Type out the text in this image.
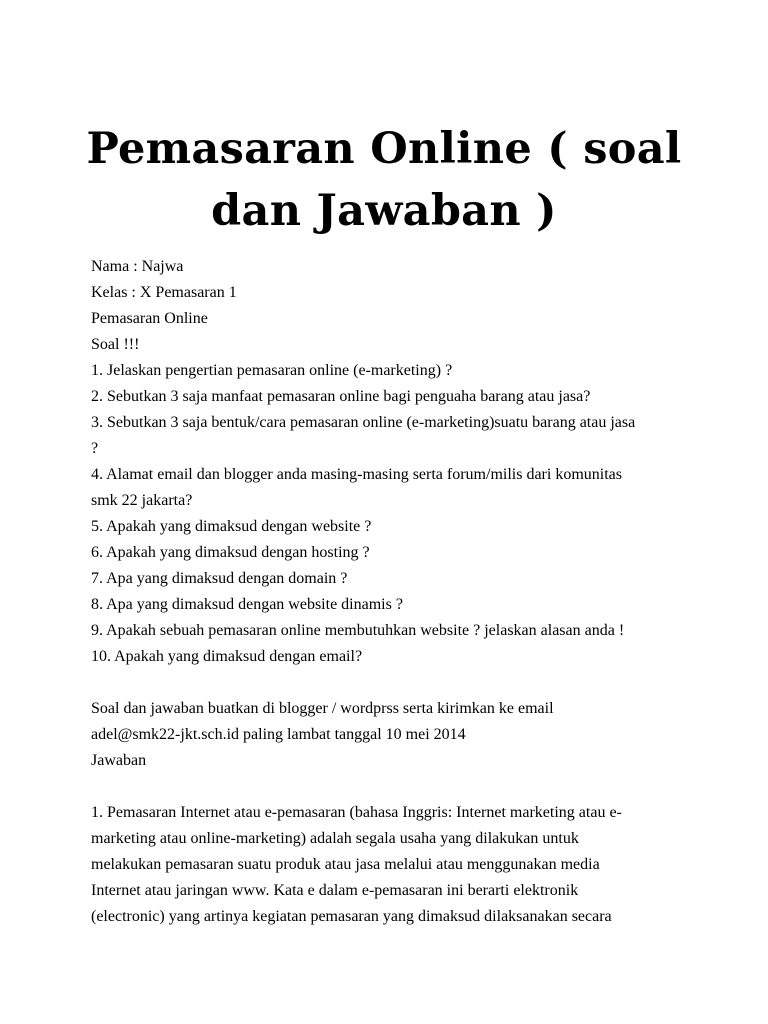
Pemasaran Online ( soal
dan Jawaban )
Nama : Najwa
Kelas : X Pemasaran 1
Pemasaran Online
Soal !!!
1. Jelaskan pengertian pemasaran online (e-marketing) ?
2. Sebutkan 3 saja manfaat pemasaran online bagi penguaha barang atau jasa?
3. Sebutkan 3 saja bentuk/cara pemasaran online (e-marketing)suatu barang atau jasa
?
4. Alamat email dan blogger anda masing-masing serta forum/milis dari komunitas
smk 22 jakarta?
5. Apakah yang dimaksud dengan website ?
6. Apakah yang dimaksud dengan hosting ?
7. Apa yang dimaksud dengan domain ?
8. Apa yang dimaksud dengan website dinamis ?
9. Apakah sebuah pemasaran online membutuhkan website ? jelaskan alasan anda !
10. Apakah yang dimaksud dengan email?
Soal dan jawaban buatkan di blogger / wordprss serta kirimkan ke email
adel@smk22-jkt.sch.id paling lambat tanggal 10 mei 2014
Jawaban
1. Pemasaran Internet atau e-pemasaran (bahasa Inggris: Internet marketing atau e-
marketing atau online-marketing) adalah segala usaha yang dilakukan untuk
melakukan pemasaran suatu produk atau jasa melalui atau menggunakan media
Internet atau jaringan www. Kata e dalam e-pemasaran ini berarti elektronik
(electronic) yang artinya kegiatan pemasaran yang dimaksud dilaksanakan secara
